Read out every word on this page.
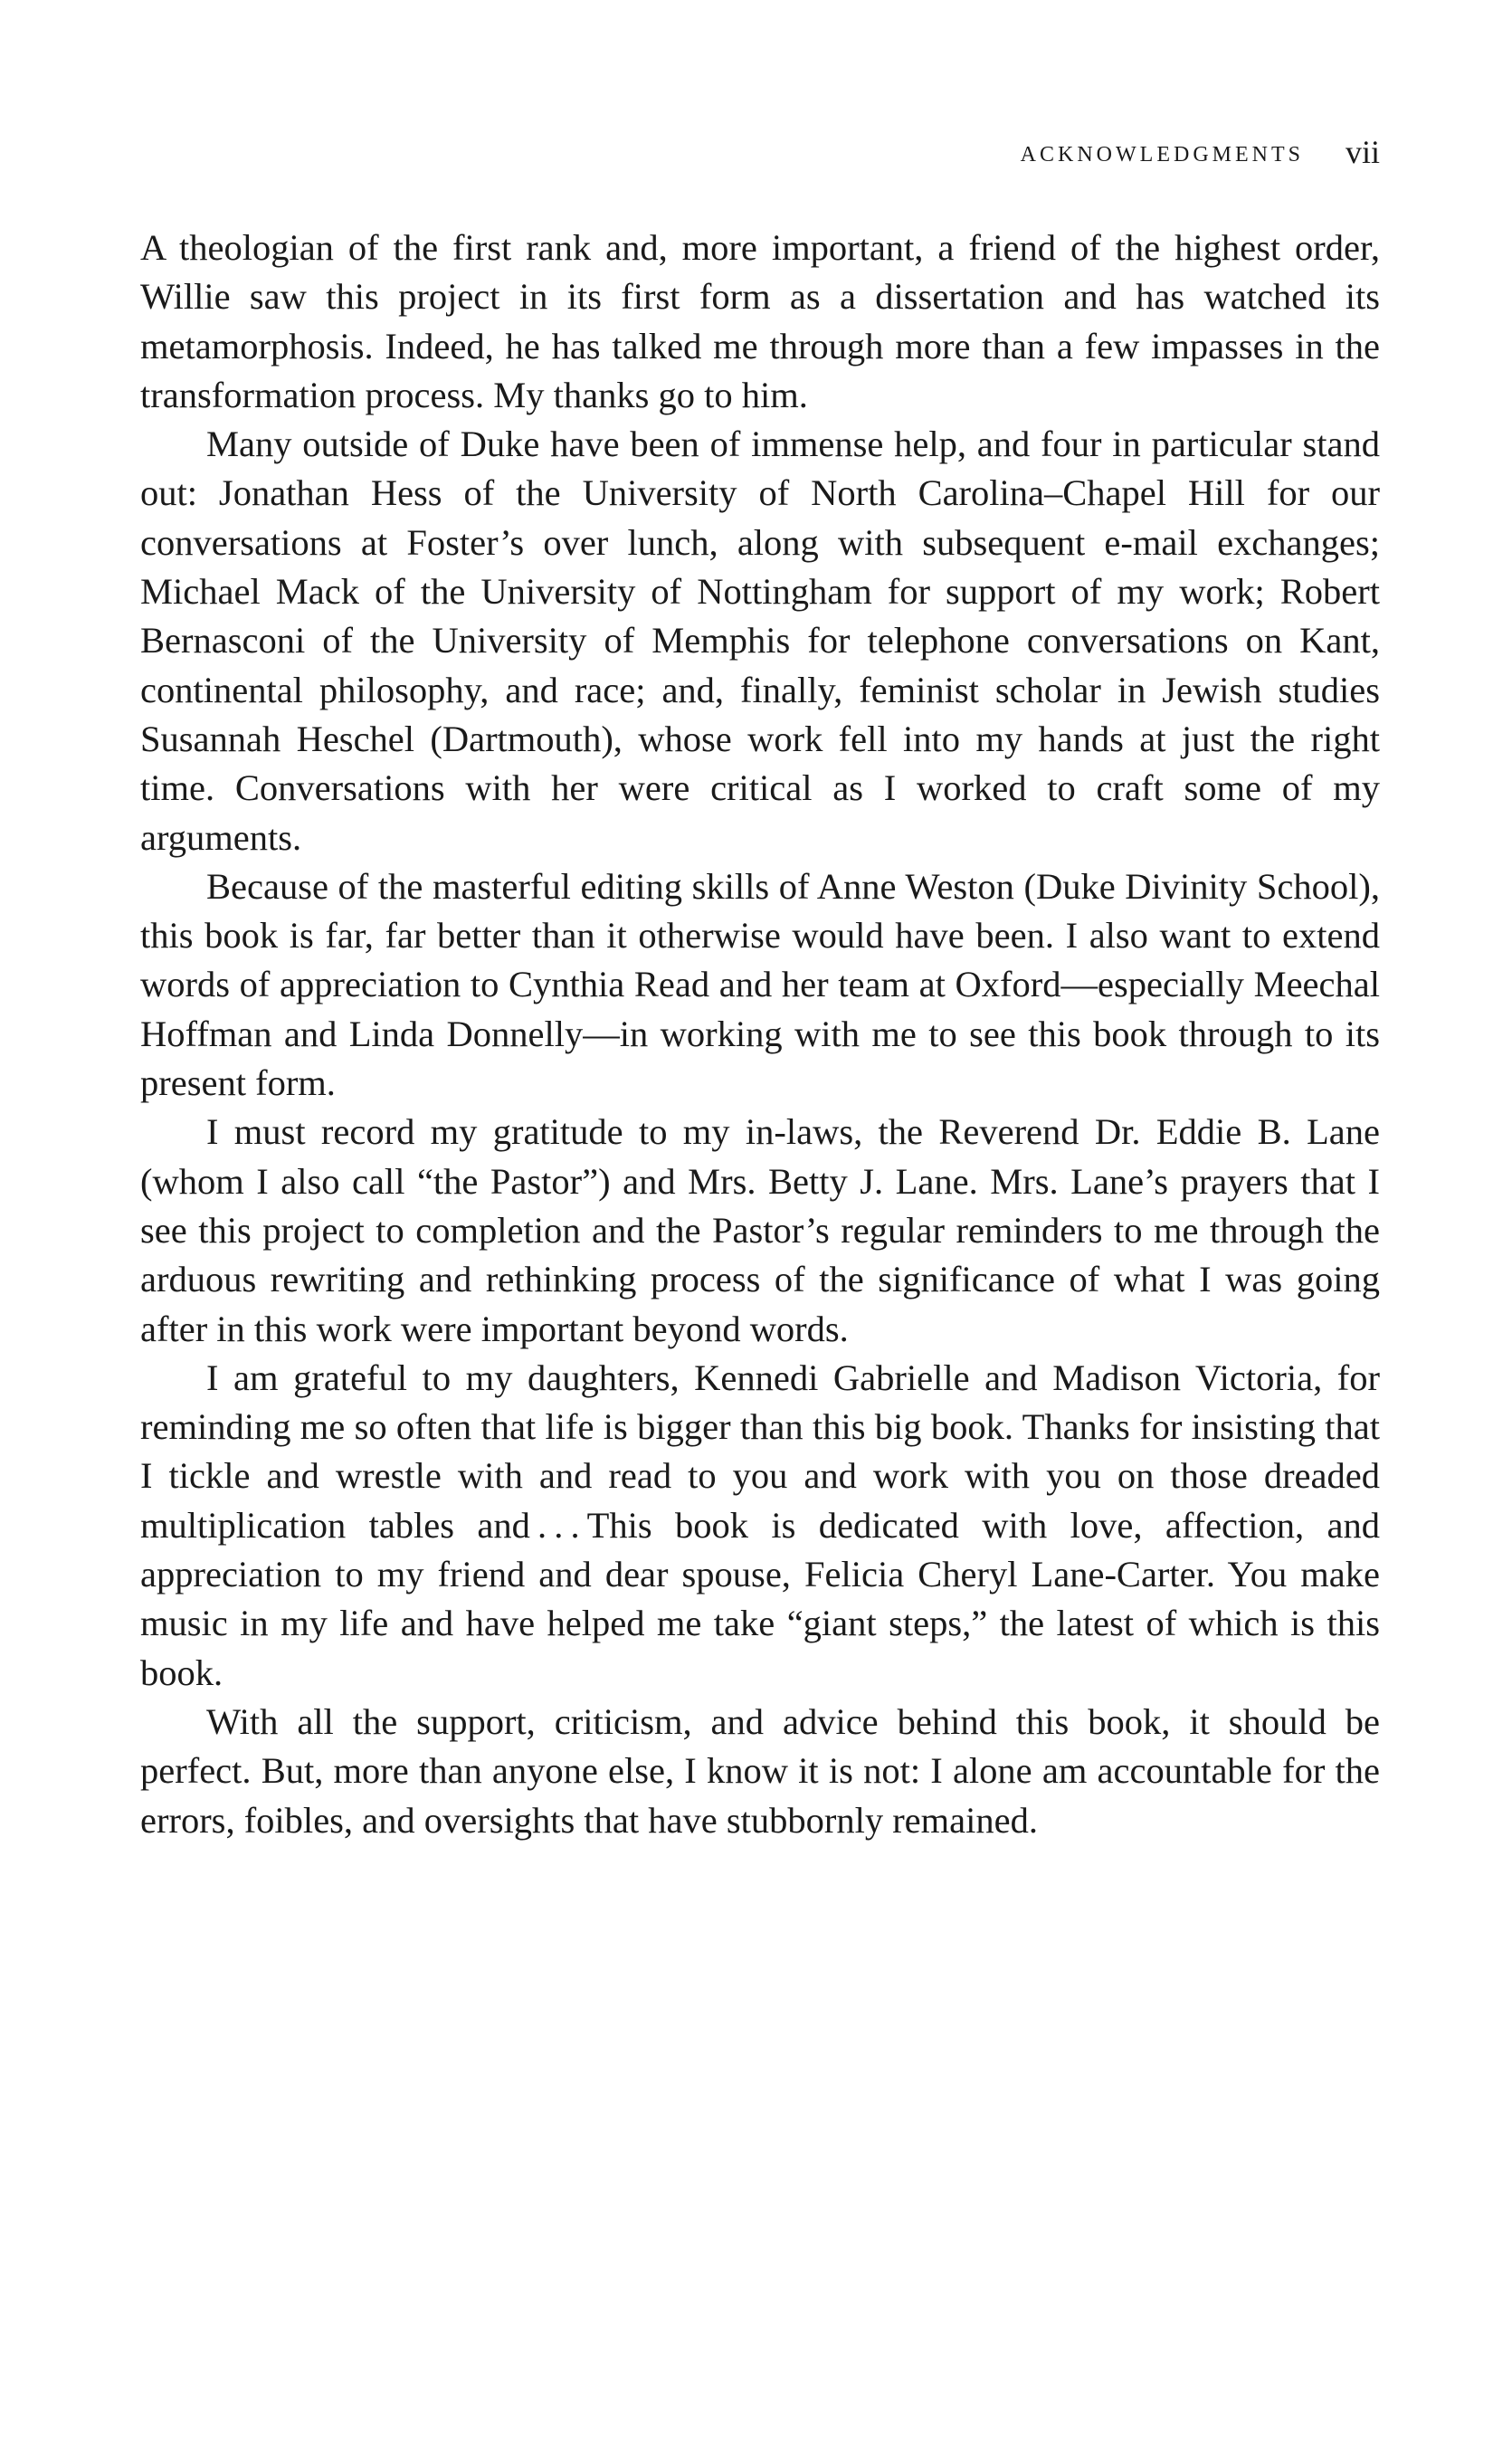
ACKNOWLEDGMENTS vii

A theologian of the first rank and, more important, a friend of the highest order, Willie saw this project in its first form as a dissertation and has watched its metamorphosis. Indeed, he has talked me through more than a few impasses in the transformation process. My thanks go to him.

Many outside of Duke have been of immense help, and four in particular stand out: Jonathan Hess of the University of North Carolina–Chapel Hill for our conversations at Foster’s over lunch, along with subsequent e-mail exchanges; Michael Mack of the University of Nottingham for support of my work; Robert Bernasconi of the University of Memphis for telephone conversations on Kant, continental philosophy, and race; and, finally, feminist scholar in Jewish studies Susannah Heschel (Dartmouth), whose work fell into my hands at just the right time. Conversations with her were critical as I worked to craft some of my arguments.

Because of the masterful editing skills of Anne Weston (Duke Divinity School), this book is far, far better than it otherwise would have been. I also want to extend words of appreciation to Cynthia Read and her team at Oxford—especially Meechal Hoffman and Linda Donnelly—in working with me to see this book through to its present form.

I must record my gratitude to my in-laws, the Reverend Dr. Eddie B. Lane (whom I also call “the Pastor”) and Mrs. Betty J. Lane. Mrs. Lane’s prayers that I see this project to completion and the Pastor’s regular reminders to me through the arduous rewriting and rethinking process of the significance of what I was going after in this work were important beyond words.

I am grateful to my daughters, Kennedi Gabrielle and Madison Victoria, for reminding me so often that life is bigger than this big book. Thanks for insisting that I tickle and wrestle with and read to you and work with you on those dreaded multiplication tables and . . . This book is dedicated with love, affection, and appreciation to my friend and dear spouse, Felicia Cheryl Lane-Carter. You make music in my life and have helped me take “giant steps,” the latest of which is this book.

With all the support, criticism, and advice behind this book, it should be perfect. But, more than anyone else, I know it is not: I alone am accountable for the errors, foibles, and oversights that have stubbornly remained.
